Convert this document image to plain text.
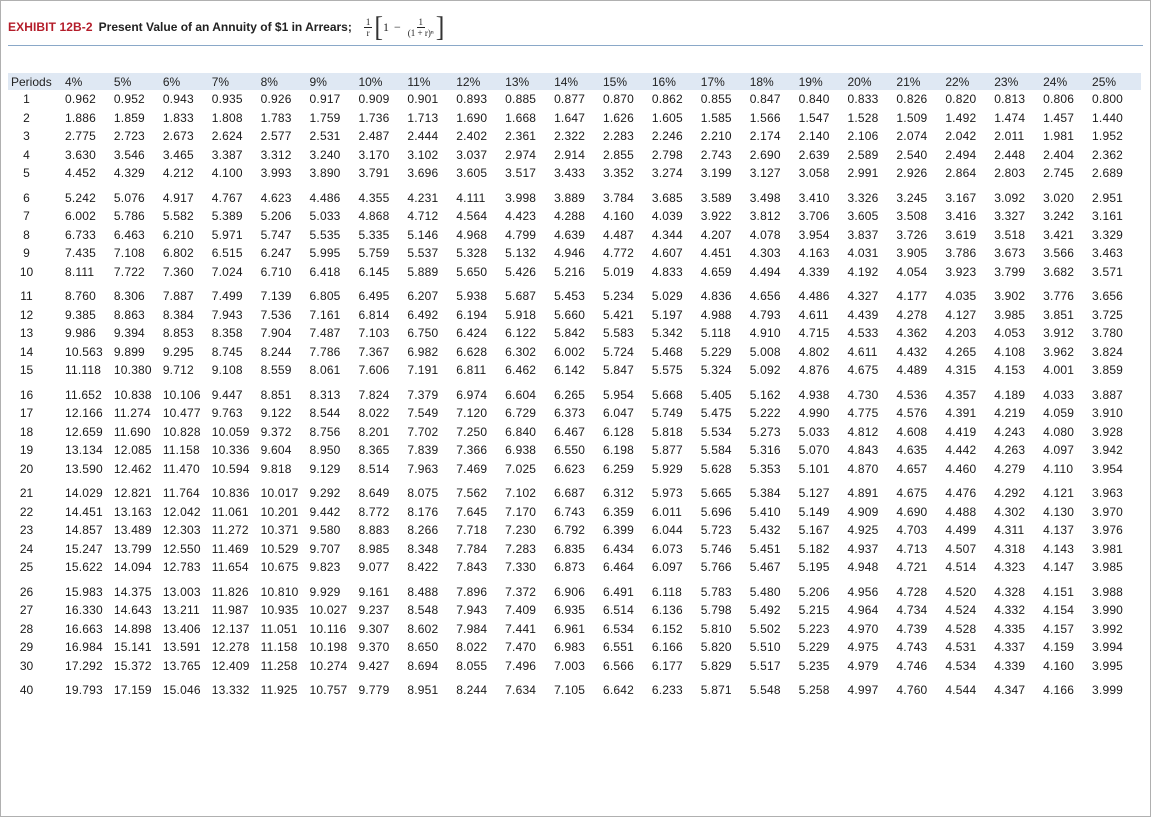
EXHIBIT 12B-2 Present Value of an Annuity of $1 in Arrears; $\frac{1}{r}$ [ $1 - \frac{1}{\text{(1 + r)ⁿ}}$ ]
Periods	4%	5%	6%	7%	8%	9%	10%	11%	12%	13%	14%	15%	16%	17%	18%	19%	20%	21%	22%	23%	24%	25%
1	0.962	0.952	0.943	0.935	0.926	0.917	0.909	0.901	0.893	0.885	0.877	0.870	0.862	0.855	0.847	0.840	0.833	0.826	0.820	0.813	0.806	0.800
2	1.886	1.859	1.833	1.808	1.783	1.759	1.736	1.713	1.690	1.668	1.647	1.626	1.605	1.585	1.566	1.547	1.528	1.509	1.492	1.474	1.457	1.440
3	2.775	2.723	2.673	2.624	2.577	2.531	2.487	2.444	2.402	2.361	2.322	2.283	2.246	2.210	2.174	2.140	2.106	2.074	2.042	2.011	1.981	1.952
4	3.630	3.546	3.465	3.387	3.312	3.240	3.170	3.102	3.037	2.974	2.914	2.855	2.798	2.743	2.690	2.639	2.589	2.540	2.494	2.448	2.404	2.362
5	4.452	4.329	4.212	4.100	3.993	3.890	3.791	3.696	3.605	3.517	3.433	3.352	3.274	3.199	3.127	3.058	2.991	2.926	2.864	2.803	2.745	2.689
6	5.242	5.076	4.917	4.767	4.623	4.486	4.355	4.231	4.111	3.998	3.889	3.784	3.685	3.589	3.498	3.410	3.326	3.245	3.167	3.092	3.020	2.951
7	6.002	5.786	5.582	5.389	5.206	5.033	4.868	4.712	4.564	4.423	4.288	4.160	4.039	3.922	3.812	3.706	3.605	3.508	3.416	3.327	3.242	3.161
8	6.733	6.463	6.210	5.971	5.747	5.535	5.335	5.146	4.968	4.799	4.639	4.487	4.344	4.207	4.078	3.954	3.837	3.726	3.619	3.518	3.421	3.329
9	7.435	7.108	6.802	6.515	6.247	5.995	5.759	5.537	5.328	5.132	4.946	4.772	4.607	4.451	4.303	4.163	4.031	3.905	3.786	3.673	3.566	3.463
10	8.111	7.722	7.360	7.024	6.710	6.418	6.145	5.889	5.650	5.426	5.216	5.019	4.833	4.659	4.494	4.339	4.192	4.054	3.923	3.799	3.682	3.571
11	8.760	8.306	7.887	7.499	7.139	6.805	6.495	6.207	5.938	5.687	5.453	5.234	5.029	4.836	4.656	4.486	4.327	4.177	4.035	3.902	3.776	3.656
12	9.385	8.863	8.384	7.943	7.536	7.161	6.814	6.492	6.194	5.918	5.660	5.421	5.197	4.988	4.793	4.611	4.439	4.278	4.127	3.985	3.851	3.725
13	9.986	9.394	8.853	8.358	7.904	7.487	7.103	6.750	6.424	6.122	5.842	5.583	5.342	5.118	4.910	4.715	4.533	4.362	4.203	4.053	3.912	3.780
14	10.563	9.899	9.295	8.745	8.244	7.786	7.367	6.982	6.628	6.302	6.002	5.724	5.468	5.229	5.008	4.802	4.611	4.432	4.265	4.108	3.962	3.824
15	11.118	10.380	9.712	9.108	8.559	8.061	7.606	7.191	6.811	6.462	6.142	5.847	5.575	5.324	5.092	4.876	4.675	4.489	4.315	4.153	4.001	3.859
16	11.652	10.838	10.106	9.447	8.851	8.313	7.824	7.379	6.974	6.604	6.265	5.954	5.668	5.405	5.162	4.938	4.730	4.536	4.357	4.189	4.033	3.887
17	12.166	11.274	10.477	9.763	9.122	8.544	8.022	7.549	7.120	6.729	6.373	6.047	5.749	5.475	5.222	4.990	4.775	4.576	4.391	4.219	4.059	3.910
18	12.659	11.690	10.828	10.059	9.372	8.756	8.201	7.702	7.250	6.840	6.467	6.128	5.818	5.534	5.273	5.033	4.812	4.608	4.419	4.243	4.080	3.928
19	13.134	12.085	11.158	10.336	9.604	8.950	8.365	7.839	7.366	6.938	6.550	6.198	5.877	5.584	5.316	5.070	4.843	4.635	4.442	4.263	4.097	3.942
20	13.590	12.462	11.470	10.594	9.818	9.129	8.514	7.963	7.469	7.025	6.623	6.259	5.929	5.628	5.353	5.101	4.870	4.657	4.460	4.279	4.110	3.954
21	14.029	12.821	11.764	10.836	10.017	9.292	8.649	8.075	7.562	7.102	6.687	6.312	5.973	5.665	5.384	5.127	4.891	4.675	4.476	4.292	4.121	3.963
22	14.451	13.163	12.042	11.061	10.201	9.442	8.772	8.176	7.645	7.170	6.743	6.359	6.011	5.696	5.410	5.149	4.909	4.690	4.488	4.302	4.130	3.970
23	14.857	13.489	12.303	11.272	10.371	9.580	8.883	8.266	7.718	7.230	6.792	6.399	6.044	5.723	5.432	5.167	4.925	4.703	4.499	4.311	4.137	3.976
24	15.247	13.799	12.550	11.469	10.529	9.707	8.985	8.348	7.784	7.283	6.835	6.434	6.073	5.746	5.451	5.182	4.937	4.713	4.507	4.318	4.143	3.981
25	15.622	14.094	12.783	11.654	10.675	9.823	9.077	8.422	7.843	7.330	6.873	6.464	6.097	5.766	5.467	5.195	4.948	4.721	4.514	4.323	4.147	3.985
26	15.983	14.375	13.003	11.826	10.810	9.929	9.161	8.488	7.896	7.372	6.906	6.491	6.118	5.783	5.480	5.206	4.956	4.728	4.520	4.328	4.151	3.988
27	16.330	14.643	13.211	11.987	10.935	10.027	9.237	8.548	7.943	7.409	6.935	6.514	6.136	5.798	5.492	5.215	4.964	4.734	4.524	4.332	4.154	3.990
28	16.663	14.898	13.406	12.137	11.051	10.116	9.307	8.602	7.984	7.441	6.961	6.534	6.152	5.810	5.502	5.223	4.970	4.739	4.528	4.335	4.157	3.992
29	16.984	15.141	13.591	12.278	11.158	10.198	9.370	8.650	8.022	7.470	6.983	6.551	6.166	5.820	5.510	5.229	4.975	4.743	4.531	4.337	4.159	3.994
30	17.292	15.372	13.765	12.409	11.258	10.274	9.427	8.694	8.055	7.496	7.003	6.566	6.177	5.829	5.517	5.235	4.979	4.746	4.534	4.339	4.160	3.995
40	19.793	17.159	15.046	13.332	11.925	10.757	9.779	8.951	8.244	7.634	7.105	6.642	6.233	5.871	5.548	5.258	4.997	4.760	4.544	4.347	4.166	3.999
